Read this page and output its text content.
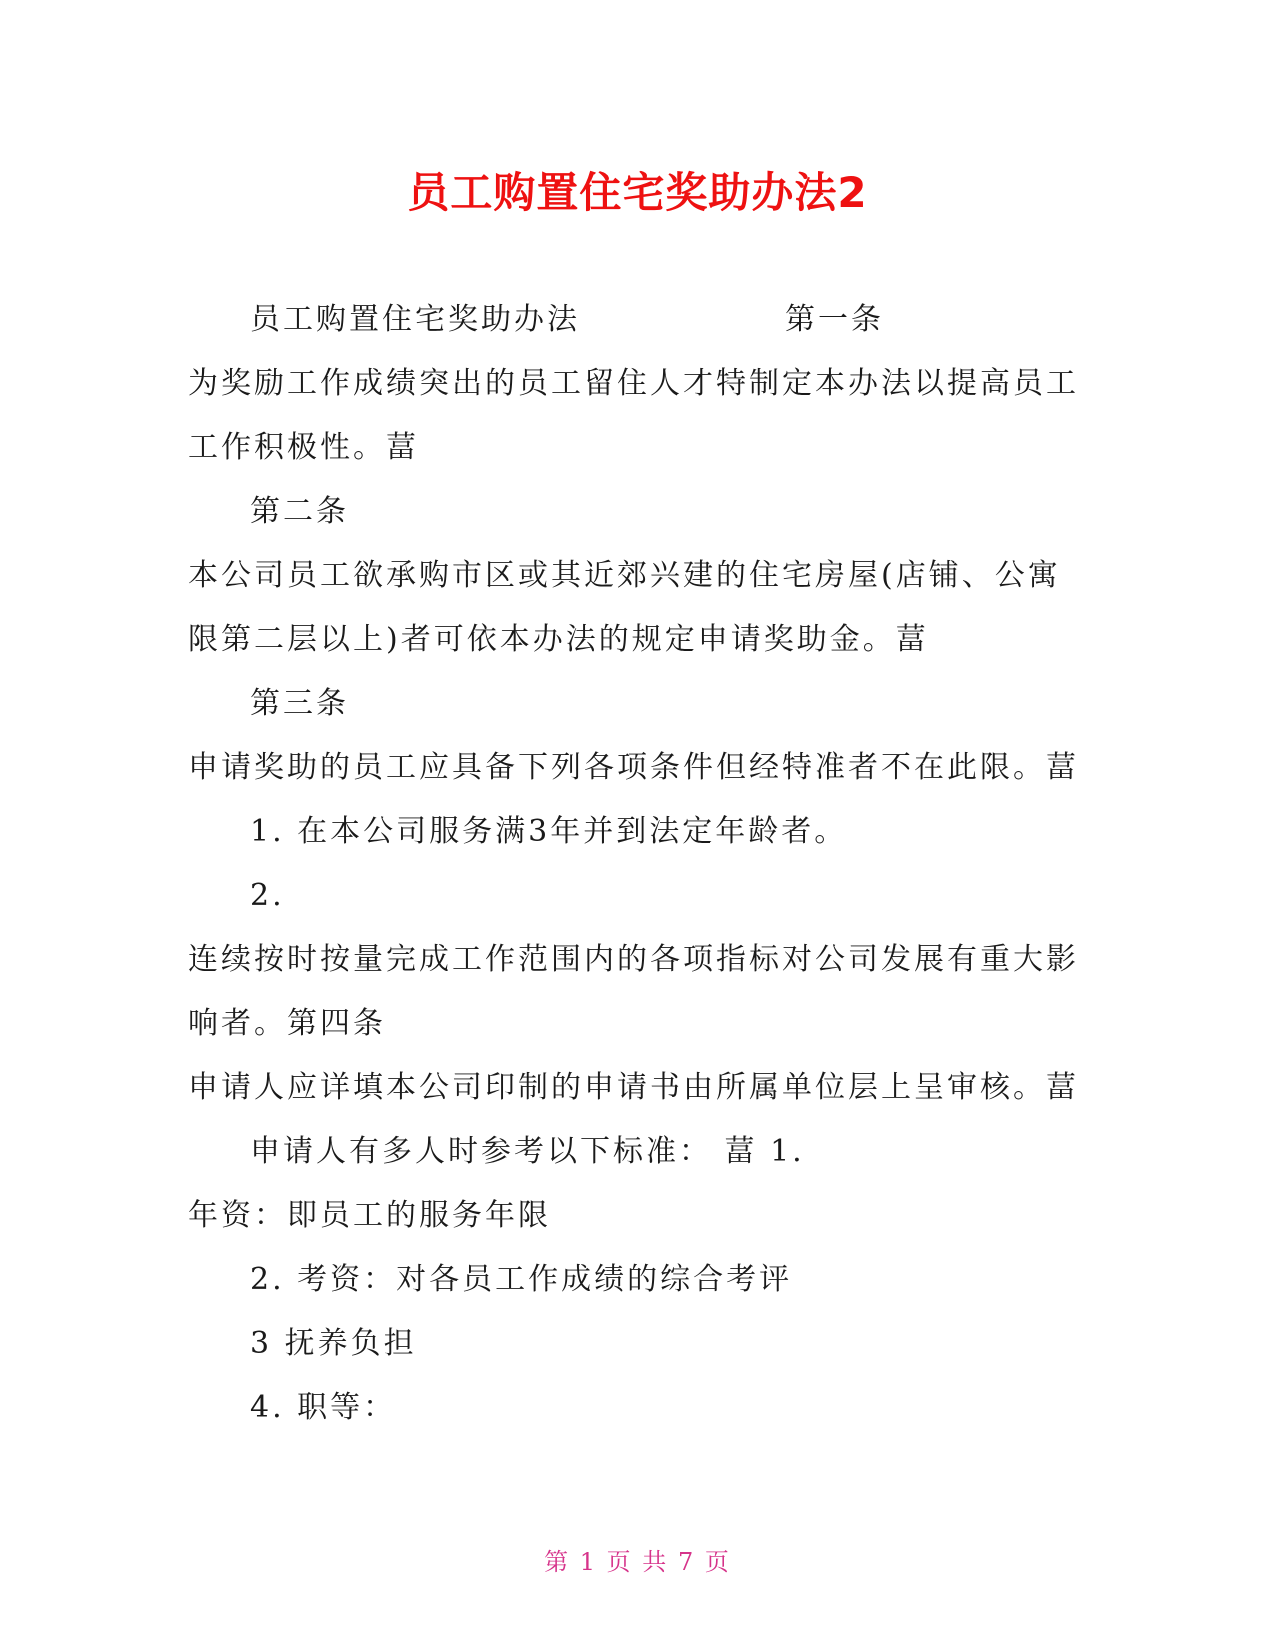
员工购置住宅奖助办法2
员工购置住宅奖助办法	第一条
为奖励工作成绩突出的员工留住人才特制定本办法以提高员工
工作积极性。葍
第二条
本公司员工欲承购市区或其近郊兴建的住宅房屋(店铺、公寓
限第二层以上)者可依本办法的规定申请奖助金。葍
第三条
申请奖助的员工应具备下列各项条件但经特准者不在此限。葍
1. 在本公司服务满3年并到法定年龄者。
2.
连续按时按量完成工作范围内的各项指标对公司发展有重大影
响者。第四条
申请人应详填本公司印制的申请书由所属单位层上呈审核。葍
申请人有多人时参考以下标准： 葍 1.
年资：即员工的服务年限
2. 考资：对各员工作成绩的综合考评
3 抚养负担
4. 职等：
第 1 页 共 7 页
